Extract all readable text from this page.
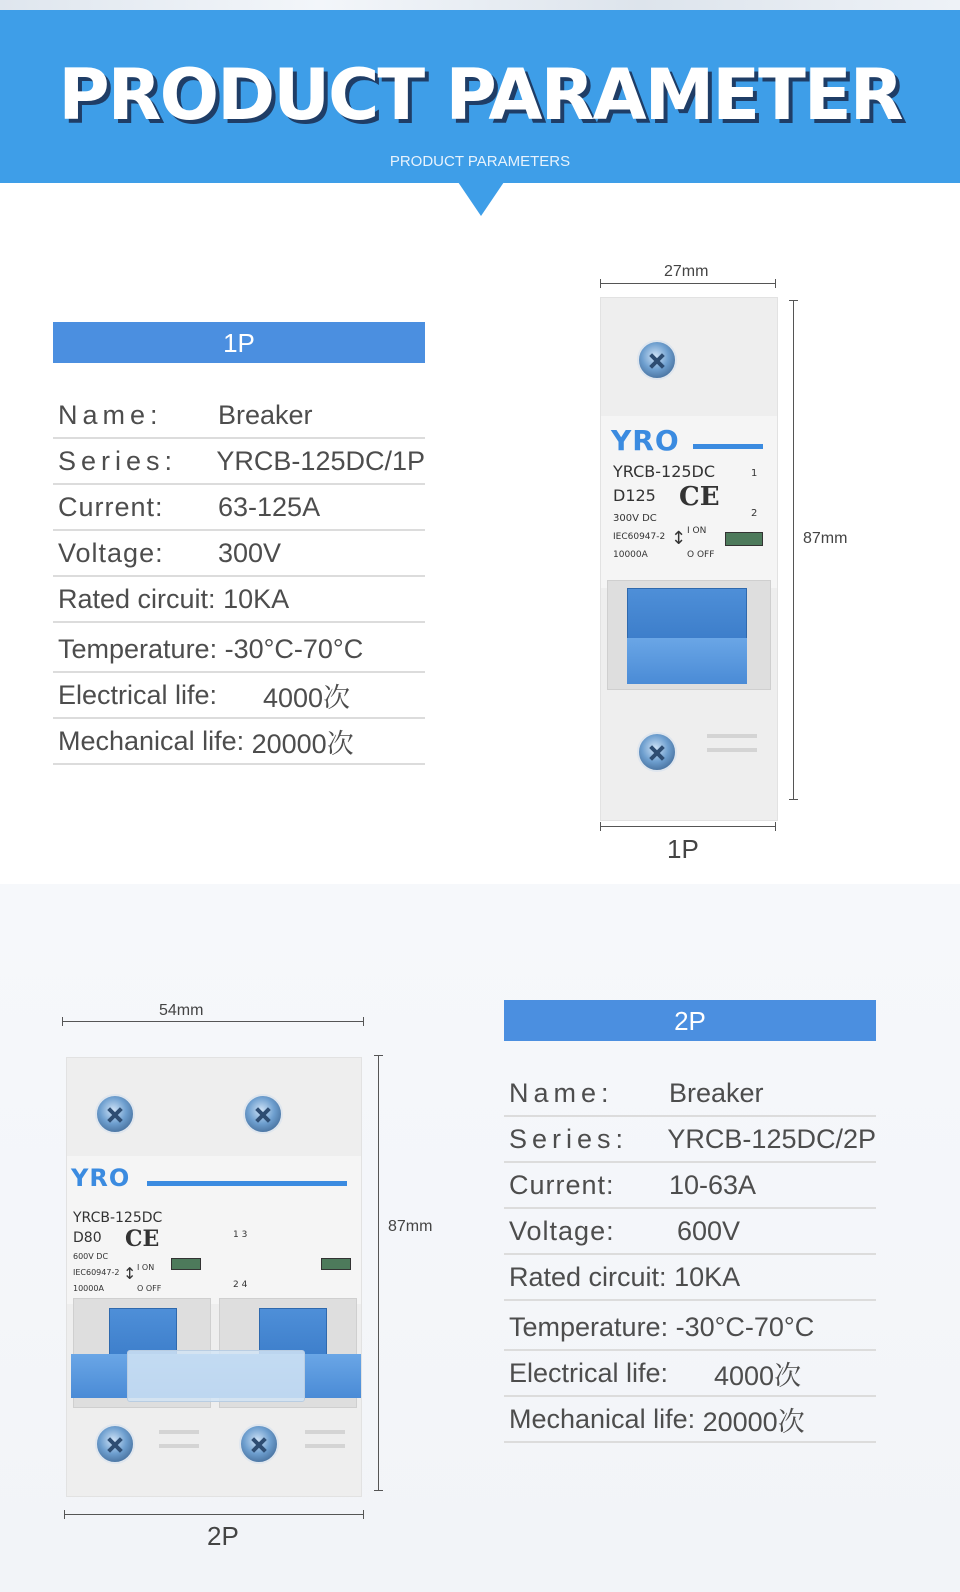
PRODUCT PARAMETER
PRODUCT PARAMETERS
1P
Name:	Breaker
Series:	YRCB-125DC/1P
Current:	63-125A
Voltage:	300V
Rated circuit:
10KA
Temperature:
-30°C-70°C
Electrical life:	4000次
Mechanical life:
20000次
27mm
87mm
1P
YRO
YRCB-125DC
D125 CE
300V DC
IEC60947-2
10000A
I ON
O OFF
↕
1
2
54mm
87mm
2P
YRO
YRCB-125DC
D80 CE
600V DC
IEC60947-2
10000A
I ON
O OFF
↕
1 3
2 4
2P
Name:	Breaker
Series:	YRCB-125DC/2P
Current:	10-63A
Voltage:	600V
Rated circuit:
10KA
Temperature:
-30°C-70°C
Electrical life:	4000次
Mechanical life:
20000次
